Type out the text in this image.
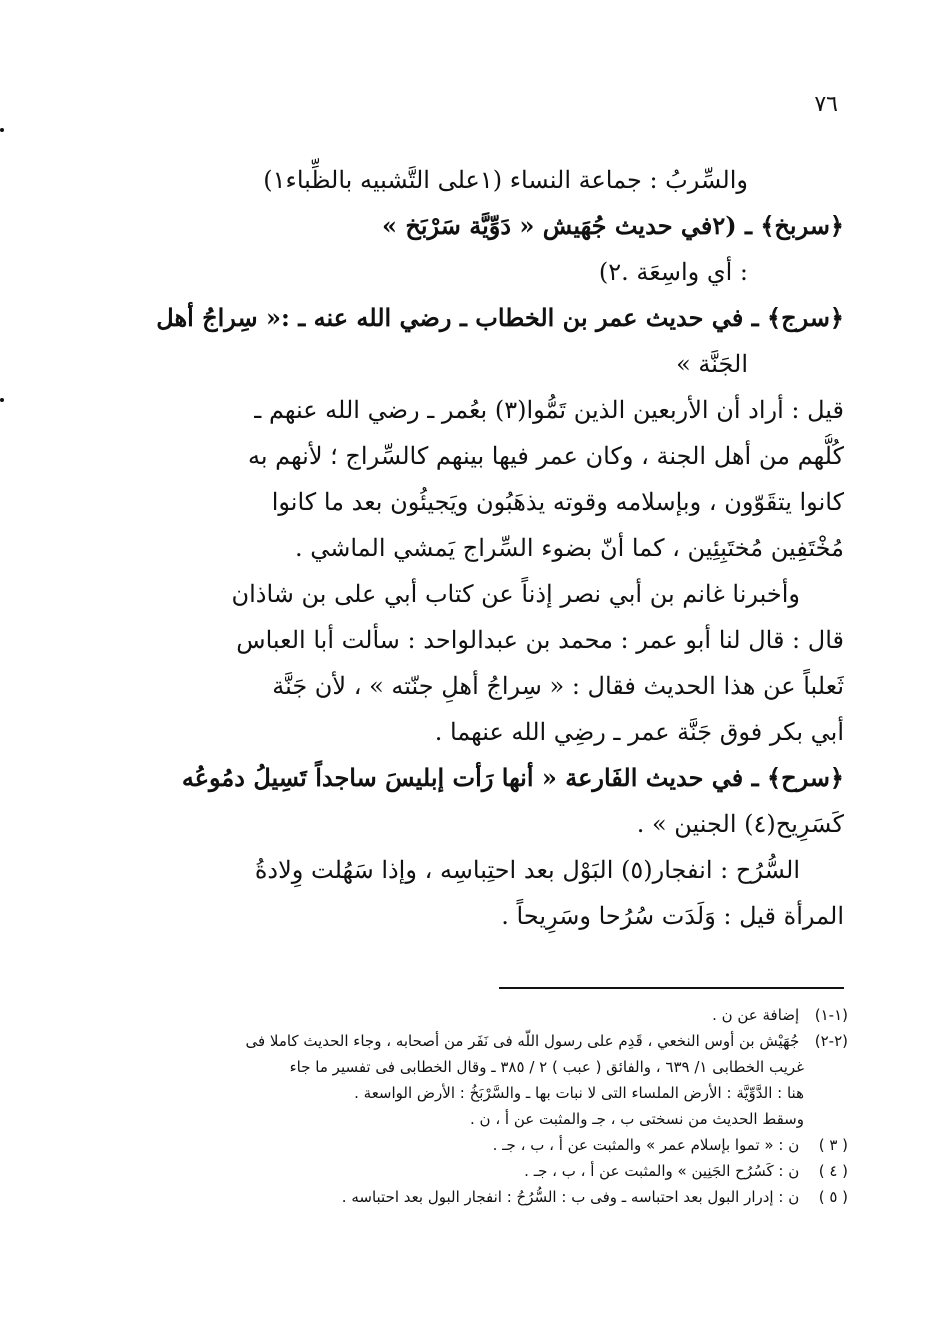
٧٦
والسِّربُ : جماعة النساء (١على التَّشبيه بالظِّباء١)
﴿سربخ﴾ ـ (٢في حديث جُهَيش « دَوِّيَّة سَرْبَخ »
: أي واسِعَة .٢)
﴿سرج﴾ ـ في حديث عمر بن الخطاب ـ رضي الله عنه ـ :« سِراجُ أهل
الجَنَّة »
قيل : أراد أن الأربعين الذين تَمُّوا(٣) بعُمر ـ رضي الله عنهم ـ
كُلُّهم من أهل الجنة ، وكان عمر فيها بينهم كالسِّراج ؛ لأنهم به
كانوا يتقَوّون ، وبإسلامه وقوته يذهَبُون ويَجيئُون بعد ما كانوا
مُخْتَفِين مُختَبِئِين ، كما أنّ بضوء السِّراج يَمشي الماشي .
وأخبرنا غانم بن أبي نصر إذناً عن كتاب أبي على بن شاذان
قال : قال لنا أبو عمر : محمد بن عبدالواحد : سألت أبا العباس
ثَعلباً عن هذا الحديث فقال : « سِراجُ أهلِ جنّته » ، لأن جَنَّة
أبي بكر فوق جَنَّة عمر ـ رضِي الله عنهما .
﴿سرح﴾ ـ في حديث الفَارعة « أنها رَأت إبليسَ ساجداً تَسِيلُ دمُوعُه
كَسَرِيح(٤) الجنين » .
السُّرُح : انفجار(٥) البَوْل بعد احتِباسِه ، وإذا سَهُلت وِلادةُ
المرأة قيل : وَلَدَت سُرُحا وسَرِيحاً .
(١-١) إضافة عن ن .
(٢-٢) جُهَيْش بن أوس النخعي ، قَدِم على رسول اللّه فى نَفَر من أصحابه ، وجاء الحديث كاملا فى
غريب الخطابى ١/ ٦٣٩ ، والفائق ( عبب ) ٢ / ٣٨٥ ـ وقال الخطابى فى تفسير ما جاء
هنا : الدَّوِّيَّة : الأرض الملساء التى لا نبات بها ـ والسَّرْبَخُ : الأرض الواسعة .
وسقط الحديث من نسختى ب ، جـ والمثبت عن أ ، ن .
( ٣ ) ن : « تموا بإسلام عمر » والمثبت عن أ ، ب ، جـ .
( ٤ ) ن : كَسُرُح الجَنِين » والمثبت عن أ ، ب ، جـ .
( ٥ ) ن : إدرار البول بعد احتباسه ـ وفى ب : السُّرُحُ : انفجار البول بعد احتباسه .
